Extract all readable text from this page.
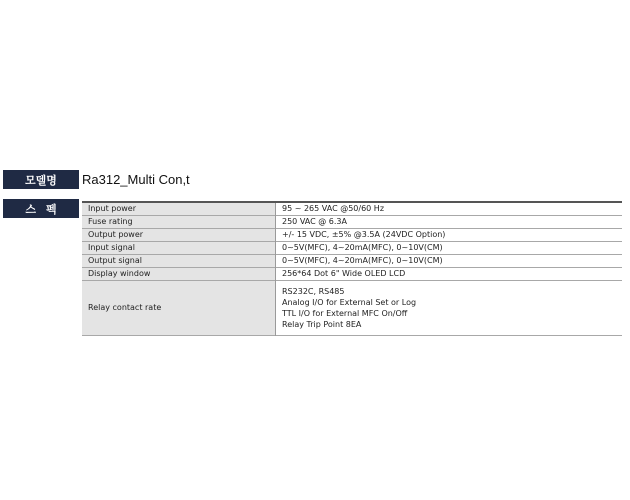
모델명	Ra312_Multi Con,t
스펙	Input power	95 ~ 265 VAC @50/60 Hz

Fuse rating	250 VAC @ 6.3A

Output power	+/- 15 VDC, ±5% @3.5A (24VDC Option)

Input signal	0~5V(MFC), 4~20mA(MFC), 0~10V(CM)

Output signal	0~5V(MFC), 4~20mA(MFC), 0~10V(CM)

Display window	256*64 Dot 6" Wide OLED LCD

Relay contact rate	RS232C, RS485
Analog I/O for External Set or Log
TTL I/O for External MFC On/Off
Relay Trip Point 8EA
